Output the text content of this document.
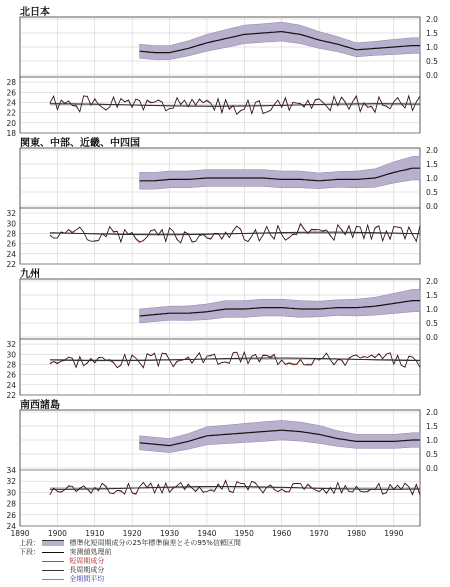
北日本
2.0
1.5
1.0
0.5
0.0
28
26
24
22
20
18
関東、中部、近畿、中四国
2.0
1.5
1.0
0.5
0.0
32
30
28
26
24
22
九州
2.0
1.5
1.0
0.5
0.0
32
30
28
26
24
22
南西諸島
2.0
1.5
1.0
0.5
0.0
34
32
30
28
26
24
1890 1900 1910 1920 1930 1940 1950 1960 1970 1980 1990
上段：	標準化短周期成分の25年標準偏差とその95%信頼区間
下段：	実測値処理前
短周期成分
長周期成分
全期間平均
